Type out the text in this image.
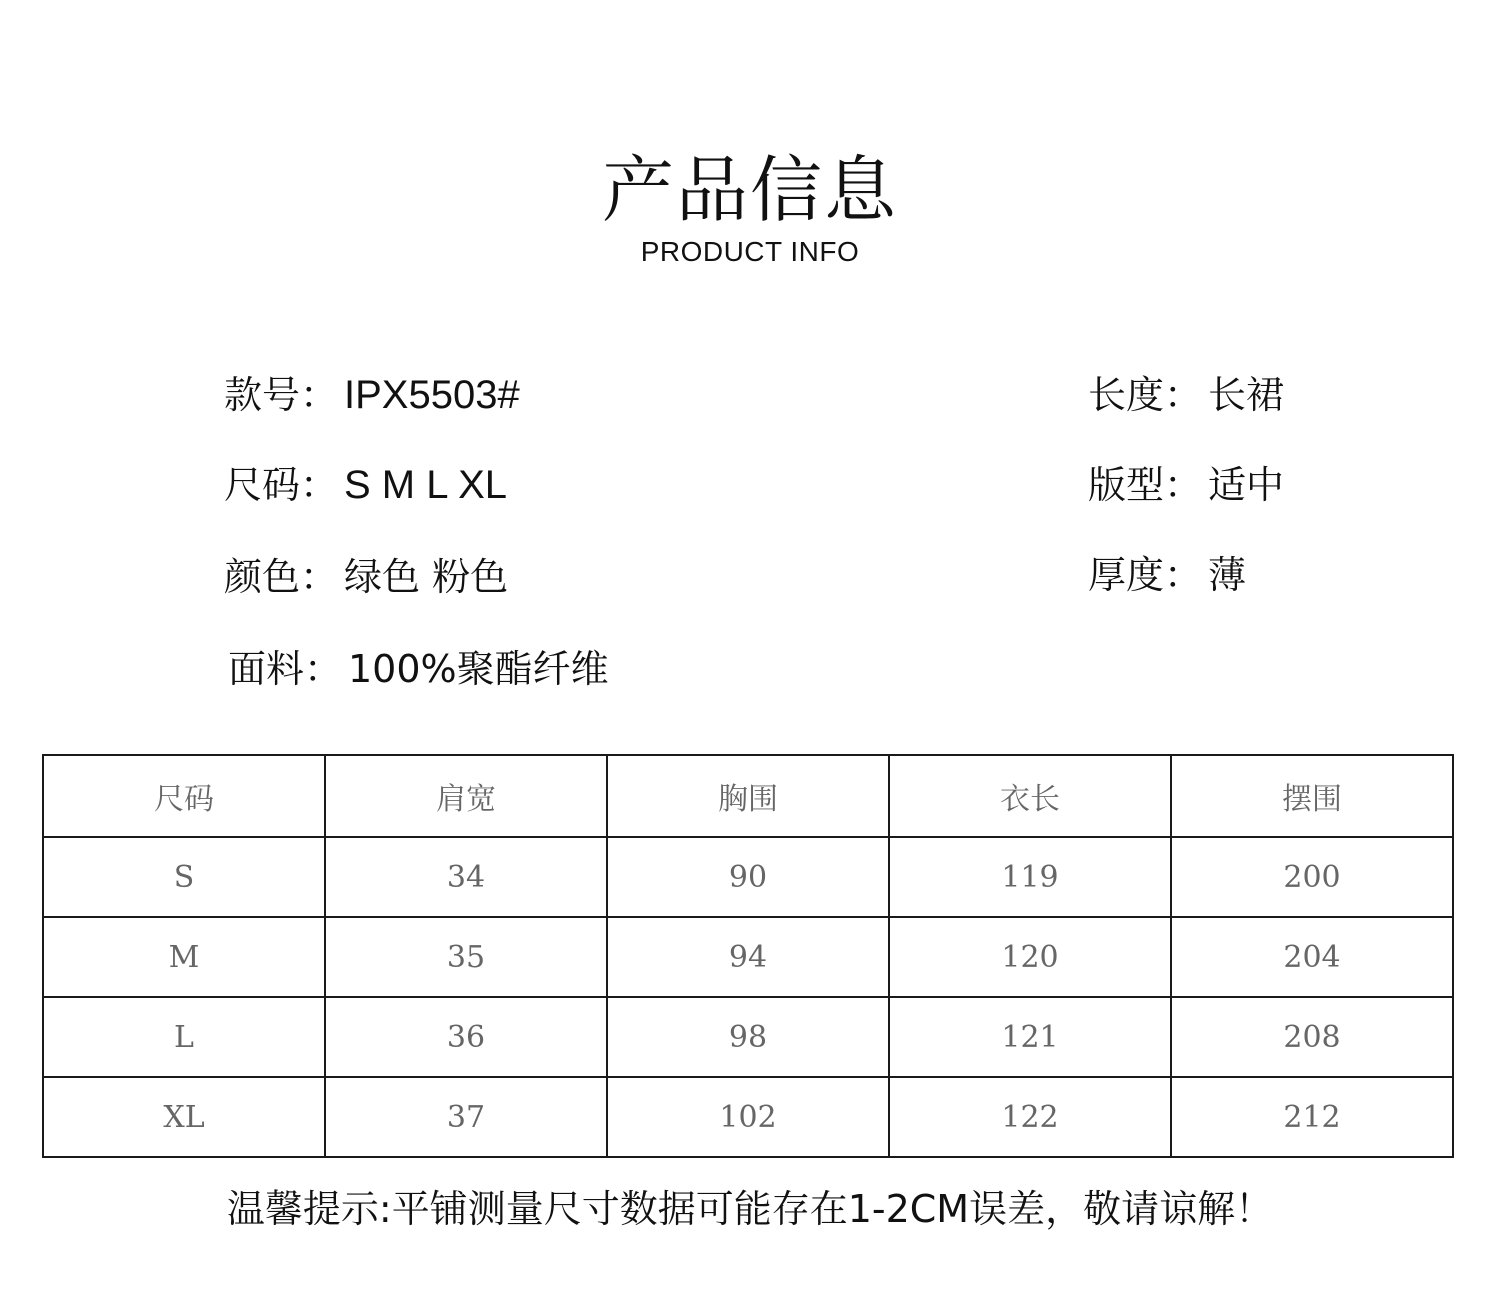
产品信息
PRODUCT INFO
款号： IPX5503#
尺码： S M L XL
颜色： 绿色 粉色
面料： 100%聚酯纤维
长度： 长裙
版型： 适中
厚度： 薄
尺码	肩宽	胸围	衣长	摆围
S	34	90	119	200
M	35	94	120	204
L	36	98	121	208
XL	37	102	122	212
温馨提示:平铺测量尺寸数据可能存在1-2CM误差，敬请谅解！
